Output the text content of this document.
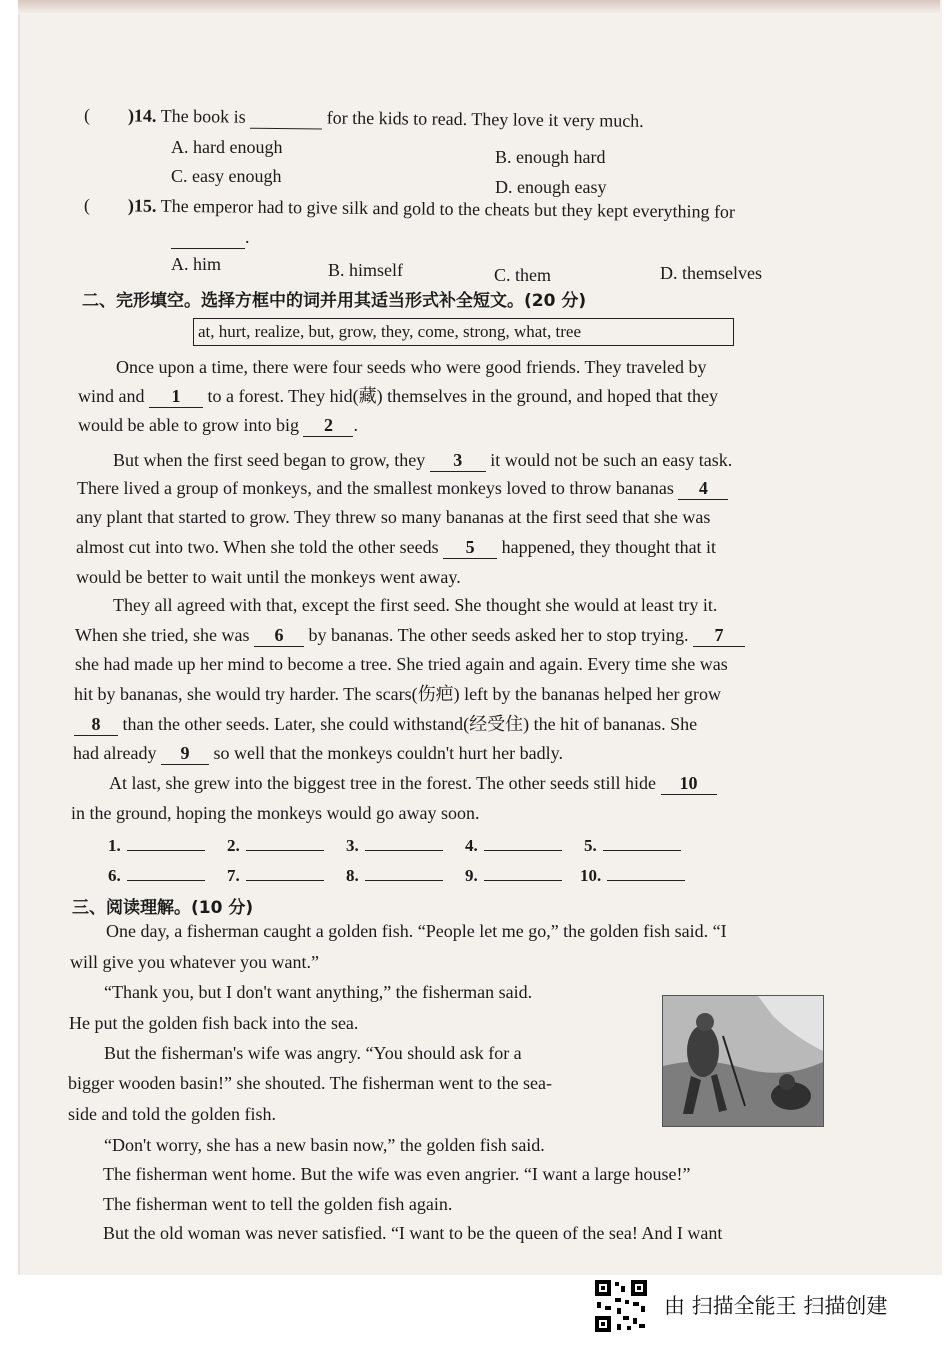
( )14. The book is	for the kids to read. They love it very much.
A. hard enough	B. enough hard
C. easy enough
D. enough easy
( )15. The emperor had to give silk and gold to the cheats but they kept everything for
.
A. him	B. himself	C. them	D. themselves
二、完形填空。选择方框中的词并用其适当形式补全短文。(20 分)
at, hurt, realize, but, grow, they, come, strong, what, tree
Once upon a time, there were four seeds who were good friends. They traveled by
wind and 1 to a forest. They hid(藏) themselves in the ground, and hoped that they
would be able to grow into big 2 .
But when the first seed began to grow, they 3 it would not be such an easy task.
There lived a group of monkeys, and the smallest monkeys loved to throw bananas 4
any plant that started to grow. They threw so many bananas at the first seed that she was
almost cut into two. When she told the other seeds 5 happened, they thought that it
would be better to wait until the monkeys went away.
They all agreed with that, except the first seed. She thought she would at least try it.
When she tried, she was 6 by bananas. The other seeds asked her to stop trying. 7
she had made up her mind to become a tree. She tried again and again. Every time she was
hit by bananas, she would try harder. The scars(伤疤) left by the bananas helped her grow
8 than the other seeds. Later, she could withstand(经受住) the hit of bananas. She
had already 9 so well that the monkeys couldn't hurt her badly.
At last, she grew into the biggest tree in the forest. The other seeds still hide 10
in the ground, hoping the monkeys would go away soon.
1.	2.	3.	4.	5.
6.	7.	8.	9.	10.
三、阅读理解。(10 分)
One day, a fisherman caught a golden fish. “People let me go,” the golden fish said. “I
will give you whatever you want.”
“Thank you, but I don't want anything,” the fisherman said.
He put the golden fish back into the sea.
But the fisherman's wife was angry. “You should ask for a
bigger wooden basin!” she shouted. The fisherman went to the sea-
side and told the golden fish.
“Don't worry, she has a new basin now,” the golden fish said.
The fisherman went home. But the wife was even angrier. “I want a large house!”
The fisherman went to tell the golden fish again.
But the old woman was never satisfied. “I want to be the queen of the sea! And I want
由 扫描全能王 扫描创建
